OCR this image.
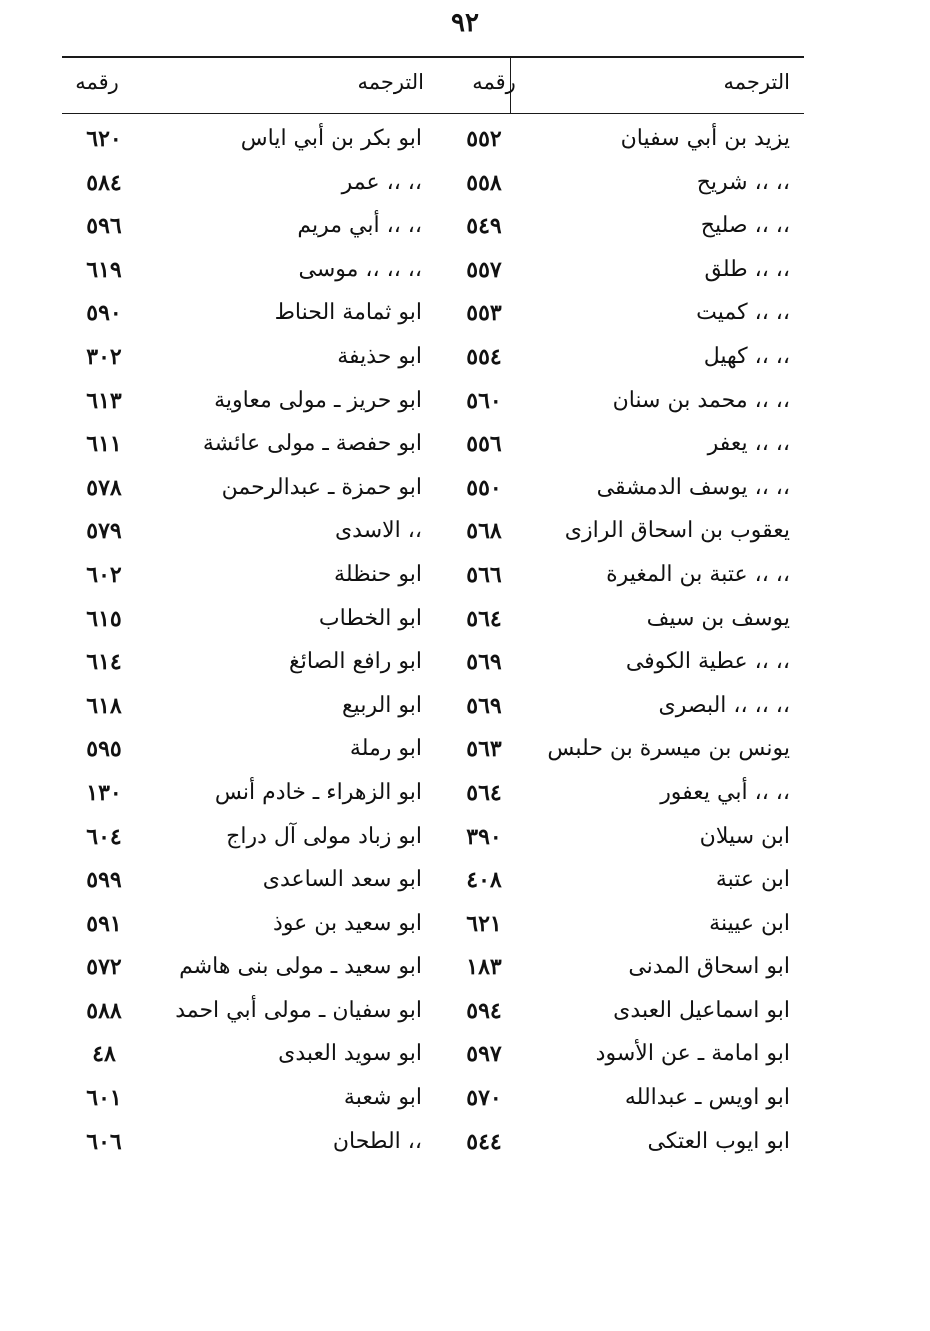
٩٢
الترجمه
رقمه
الترجمه
رقمه
يزيد بن أبي سفيان
٥٥٢
ابو بكر بن أبي اياس
٦٢٠
،، ،، شريح
٥٥٨
،، ،، عمر
٥٨٤
،، ،، صليح
٥٤٩
،، ،، أبي مريم
٥٩٦
،، ،، طلق
٥٥٧
،، ،، ،، موسى
٦١٩
،، ،، كميت
٥٥٣
ابو ثمامة الحناط
٥٩٠
،، ،، كهيل
٥٥٤
ابو حذيفة
٣٠٢
،، ،، محمد بن سنان
٥٦٠
ابو حريز ـ مولى معاوية
٦١٣
،، ،، يعفر
٥٥٦
ابو حفصة ـ مولى عائشة
٦١١
،، ،، يوسف الدمشقى
٥٥٠
ابو حمزة ـ عبدالرحمن
٥٧٨
يعقوب بن اسحاق الرازى
٥٦٨
،، الاسدى
٥٧٩
،، ،، عتبة بن المغيرة
٥٦٦
ابو حنظلة
٦٠٢
يوسف بن سيف
٥٦٤
ابو الخطاب
٦١٥
،، ،، عطية الكوفى
٥٦٩
ابو رافع الصائغ
٦١٤
،، ،، ،، البصرى
٥٦٩
ابو الربيع
٦١٨
يونس بن ميسرة بن حلبس
٥٦٣
ابو رملة
٥٩٥
،، ،، أبي يعفور
٥٦٤
ابو الزهراء ـ خادم أنس
١٣٠
ابن سيلان
٣٩٠
ابو زباد مولى آل دراج
٦٠٤
ابن عتبة
٤٠٨
ابو سعد الساعدى
٥٩٩
ابن عيينة
٦٢١
ابو سعيد بن عوذ
٥٩١
ابو اسحاق المدنى
١٨٣
ابو سعيد ـ مولى بنى هاشم
٥٧٢
ابو اسماعيل العبدى
٥٩٤
ابو سفيان ـ مولى أبي احمد
٥٨٨
ابو امامة ـ عن الأسود
٥٩٧
ابو سويد العبدى
٤٨
ابو اويس ـ عبدالله
٥٧٠
ابو شعبة
٦٠١
ابو ايوب العتكى
٥٤٤
،، الطحان
٦٠٦
